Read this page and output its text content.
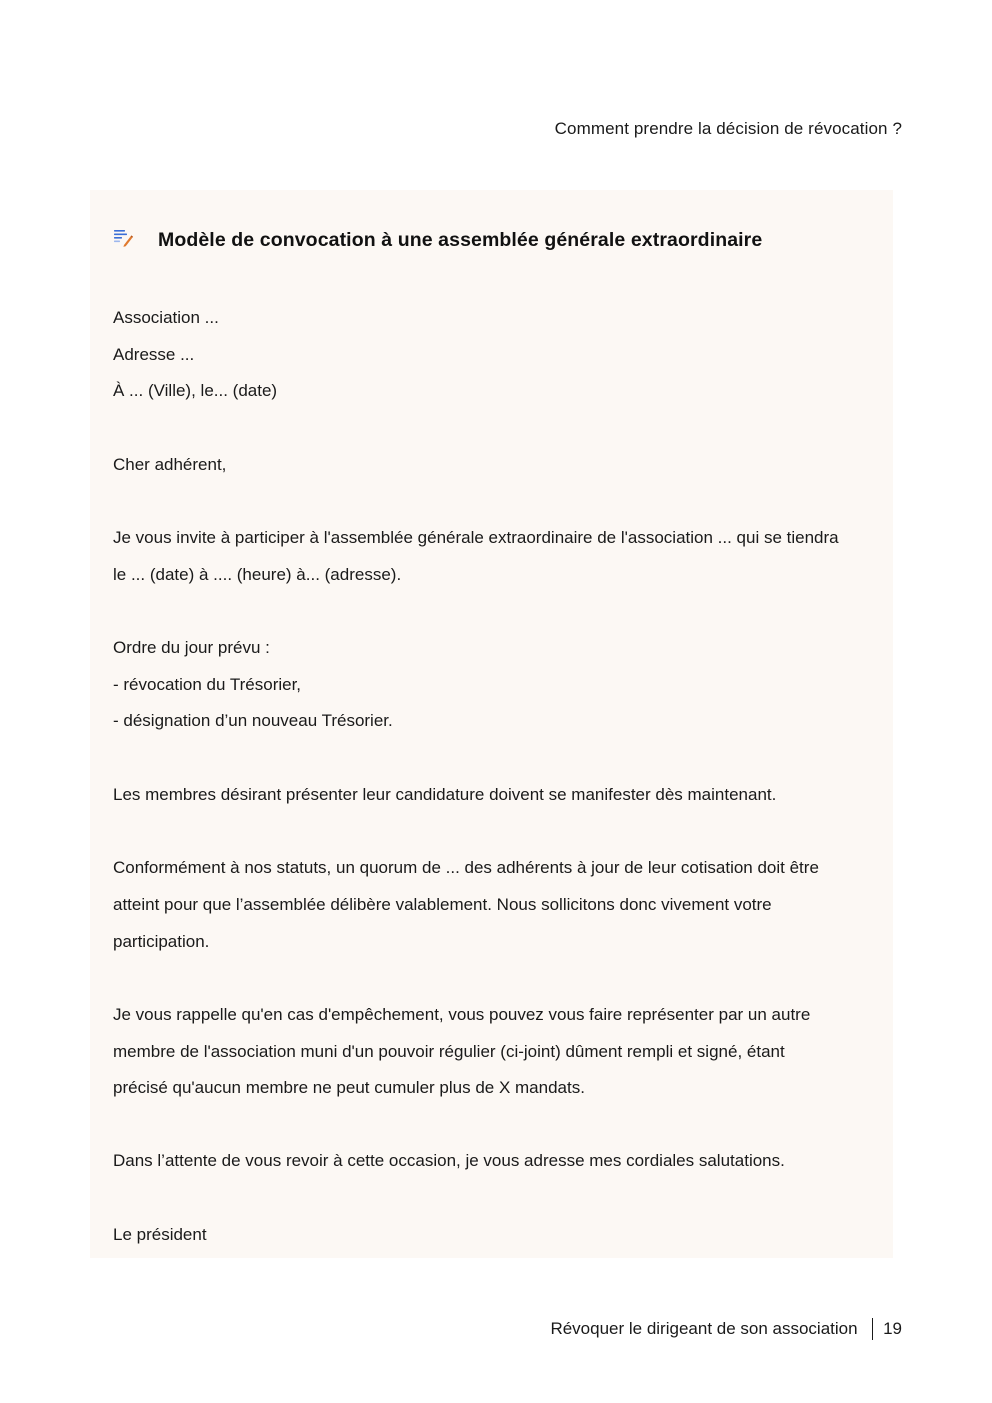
Comment prendre la décision de révocation ?
Modèle de convocation à une assemblée générale extraordinaire
Association ...
Adresse ...
À ... (Ville), le... (date)
Cher adhérent,
Je vous invite à participer à l'assemblée générale extraordinaire de l'association ... qui se tiendra
le ... (date) à .... (heure) à... (adresse).
Ordre du jour prévu :
- révocation du Trésorier,
- désignation d’un nouveau Trésorier.
Les membres désirant présenter leur candidature doivent se manifester dès maintenant.
Conformément à nos statuts, un quorum de ... des adhérents à jour de leur cotisation doit être
atteint pour que l’assemblée délibère valablement. Nous sollicitons donc vivement votre
participation.
Je vous rappelle qu'en cas d'empêchement, vous pouvez vous faire représenter par un autre
membre de l'association muni d'un pouvoir régulier (ci-joint) dûment rempli et signé, étant
précisé qu'aucun membre ne peut cumuler plus de X mandats.
Dans l’attente de vous revoir à cette occasion, je vous adresse mes cordiales salutations.
Le président
Révoquer le dirigeant de son association 19
